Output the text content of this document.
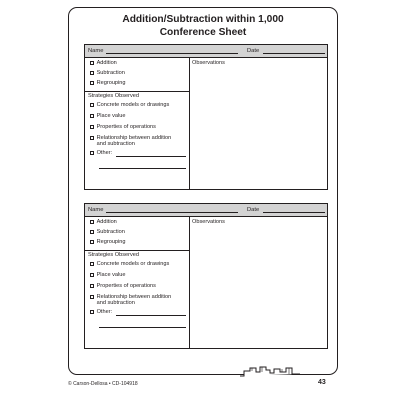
Addition/Subtraction within 1,000
Conference Sheet
Name	Date
Addition
Subtraction
Regrouping
Strategies Observed
Concrete models or drawings
Place value
Properties of operations
Relationship between addition
and subtraction
Other:
Observations
Name	Date
Addition
Subtraction
Regrouping
Strategies Observed
Concrete models or drawings
Place value
Properties of operations
Relationship between addition
and subtraction
Other:
Observations
© Carson-Dellosa • CD-104918	43
